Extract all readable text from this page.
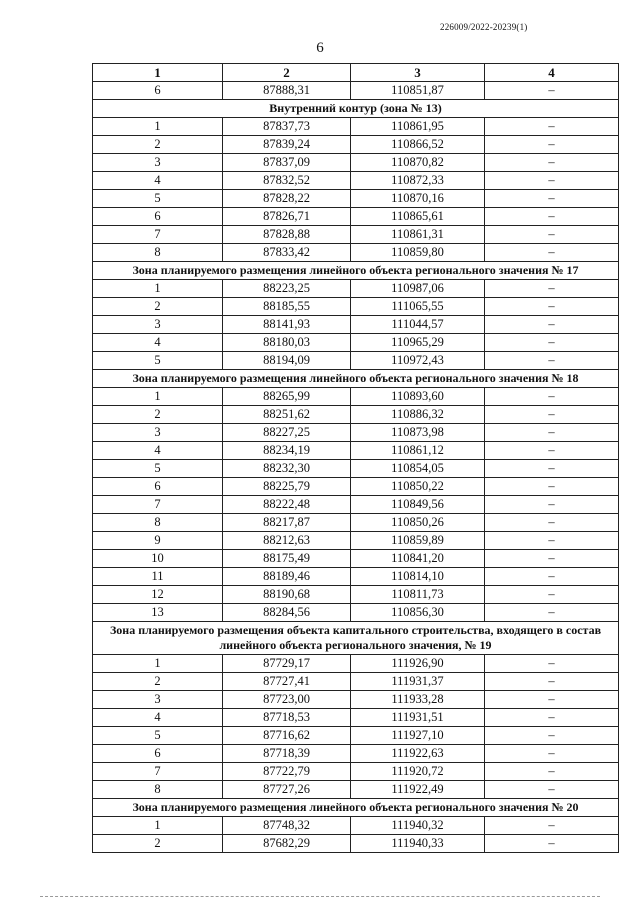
226009/2022-20239(1)
6
1	2	3	4
6	87888,31	110851,87	–
Внутренний контур (зона № 13)			
1	87837,73	110861,95	–
2	87839,24	110866,52	–
3	87837,09	110870,82	–
4	87832,52	110872,33	–
5	87828,22	110870,16	–
6	87826,71	110865,61	–
7	87828,88	110861,31	–
8	87833,42	110859,80	–
Зона планируемого размещения линейного объекта регионального значения № 17			
1	88223,25	110987,06	–
2	88185,55	111065,55	–
3	88141,93	111044,57	–
4	88180,03	110965,29	–
5	88194,09	110972,43	–
Зона планируемого размещения линейного объекта регионального значения № 18			
1	88265,99	110893,60	–
2	88251,62	110886,32	–
3	88227,25	110873,98	–
4	88234,19	110861,12	–
5	88232,30	110854,05	–
6	88225,79	110850,22	–
7	88222,48	110849,56	–
8	88217,87	110850,26	–
9	88212,63	110859,89	–
10	88175,49	110841,20	–
11	88189,46	110814,10	–
12	88190,68	110811,73	–
13	88284,56	110856,30	–
Зона планируемого размещения объекта капитального строительства, входящего в состав линейного объекта регионального значения, № 19			
1	87729,17	111926,90	–
2	87727,41	111931,37	–
3	87723,00	111933,28	–
4	87718,53	111931,51	–
5	87716,62	111927,10	–
6	87718,39	111922,63	–
7	87722,79	111920,72	–
8	87727,26	111922,49	–
Зона планируемого размещения линейного объекта регионального значения № 20			
1	87748,32	111940,32	–
2	87682,29	111940,33	–
